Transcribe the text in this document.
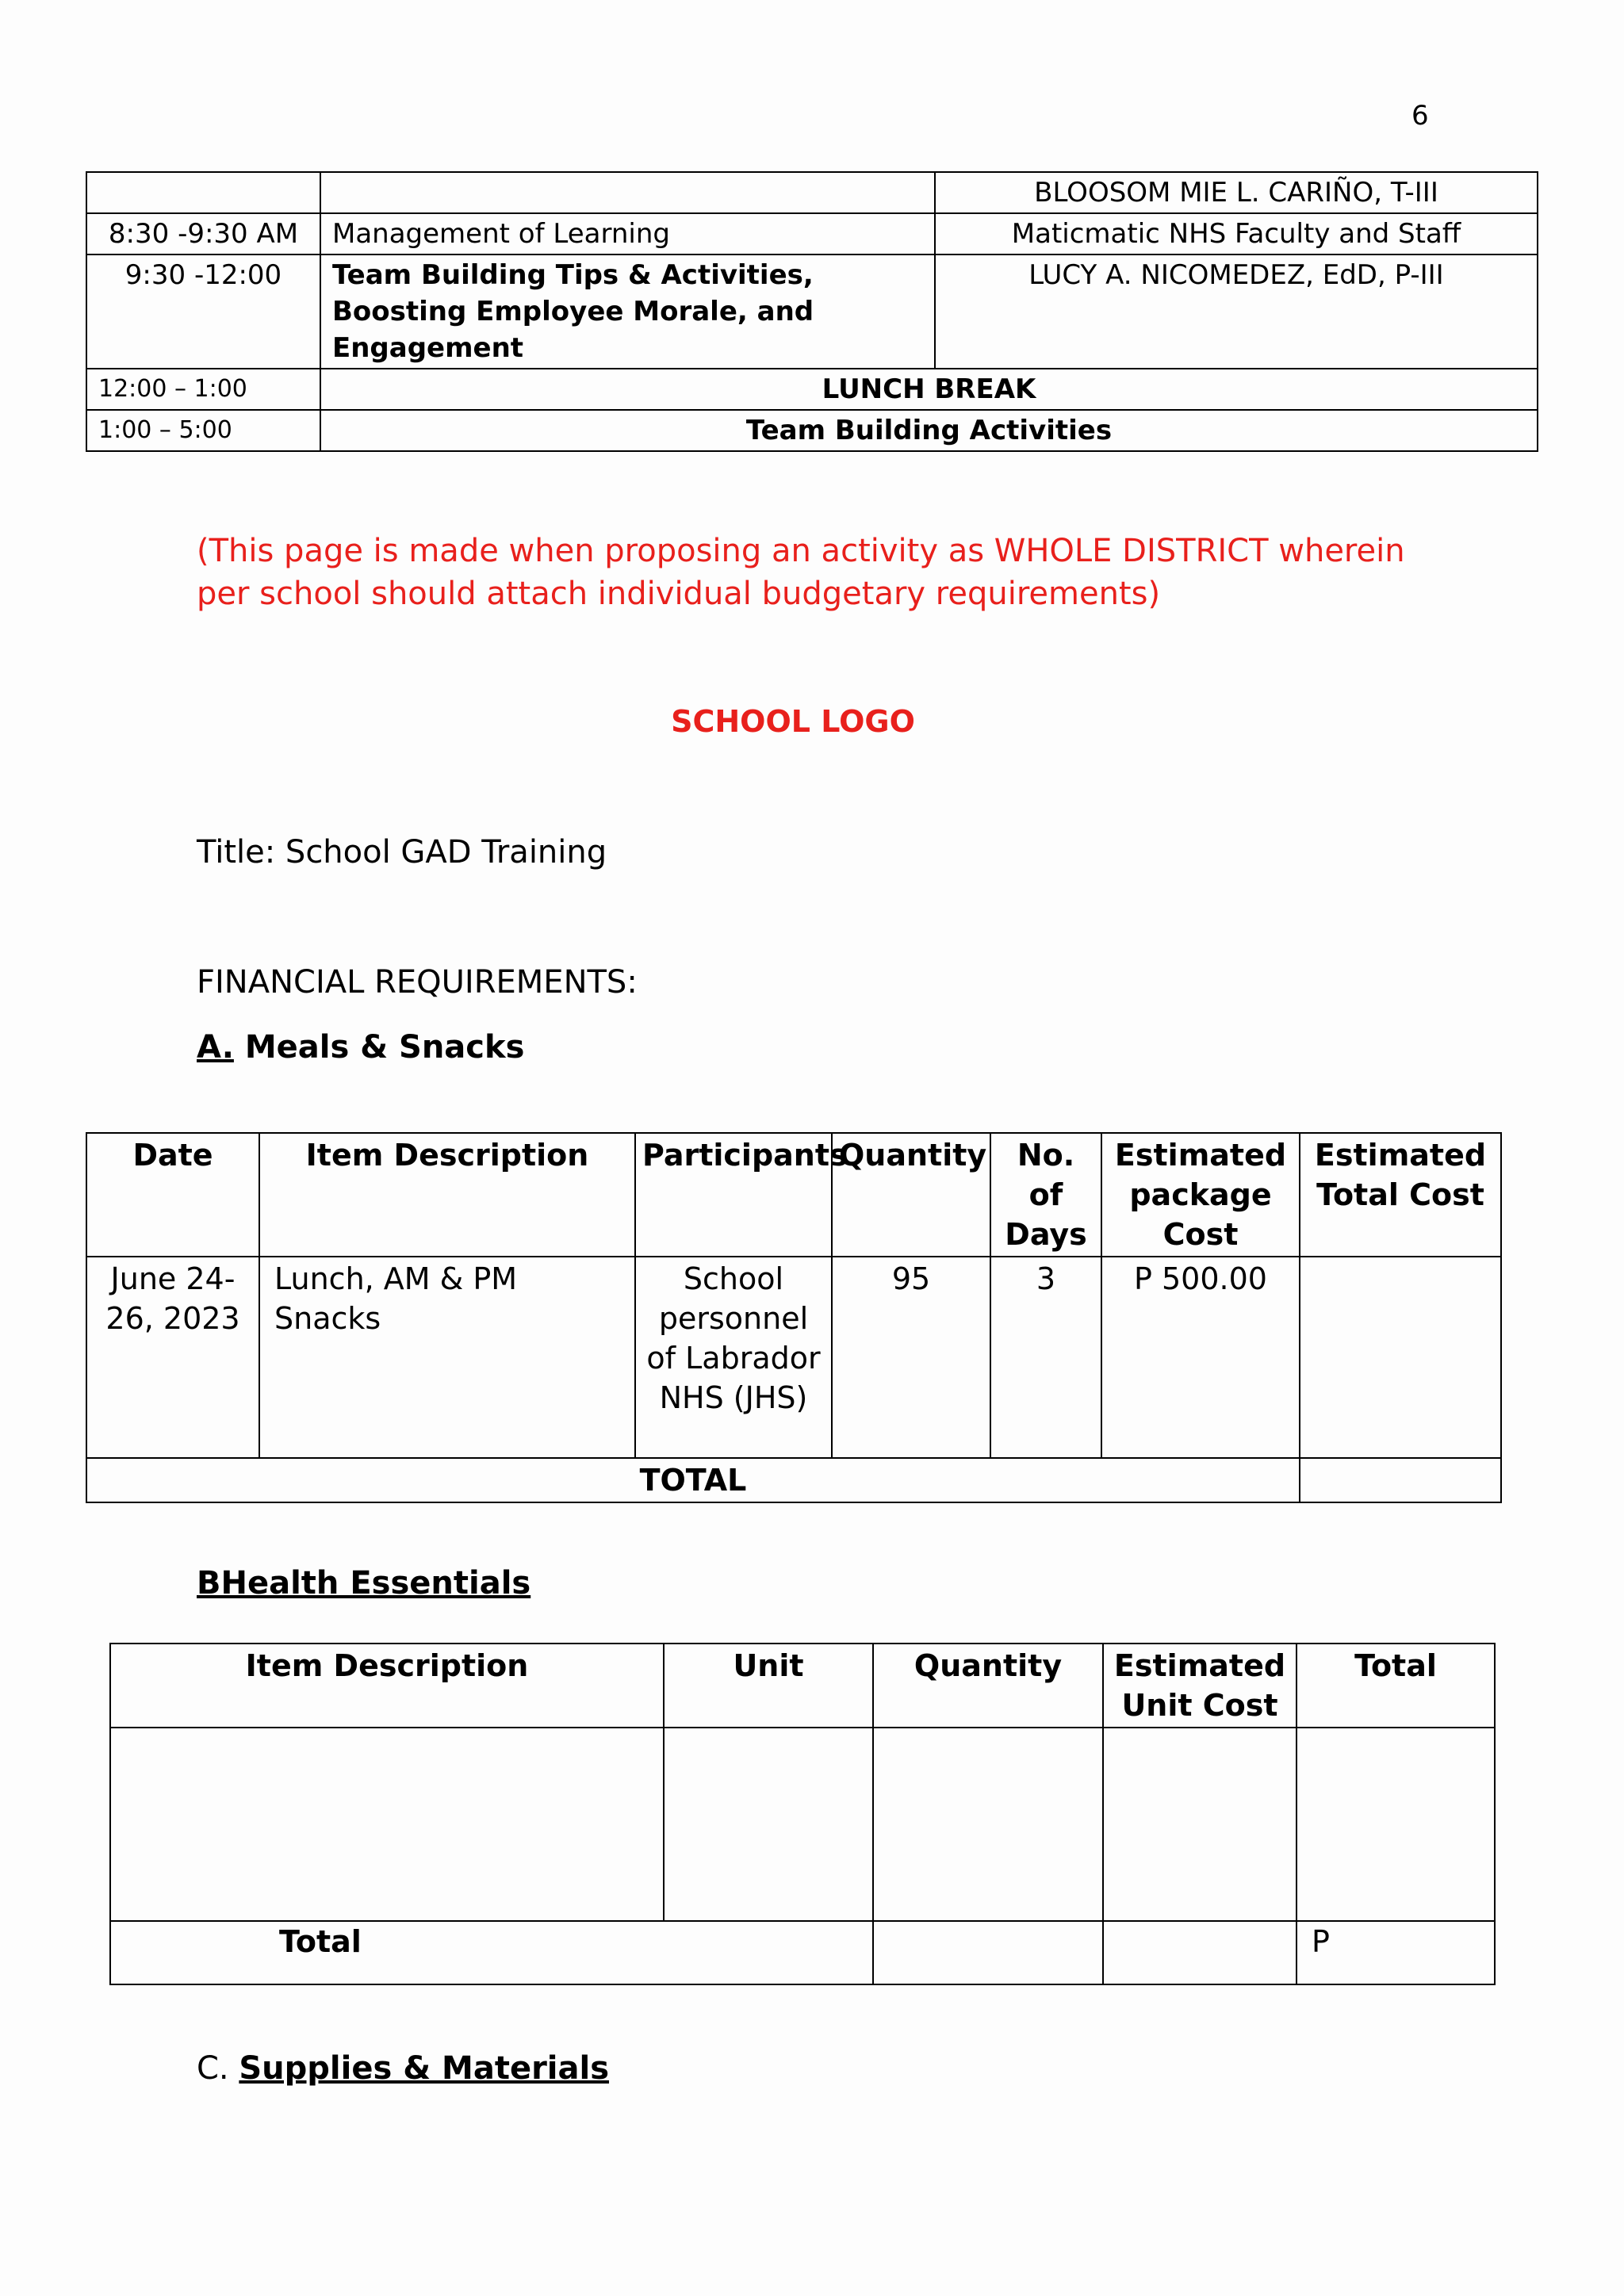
6
		BLOOSOM MIE L. CARIÑO, T-III
8:30 -9:30 AM	Management of Learning	Maticmatic NHS Faculty and Staff
9:30 -12:00	Team Building Tips & Activities, Boosting Employee Morale, and Engagement	LUCY A. NICOMEDEZ, EdD, P-III
12:00 – 1:00	LUNCH BREAK	
1:00 – 5:00	Team Building Activities	
(This page is made when proposing an activity as WHOLE DISTRICT wherein per school should attach individual budgetary requirements)
SCHOOL LOGO
Title: School GAD Training
FINANCIAL REQUIREMENTS:
A. Meals & Snacks
Date	Item Description	Participants	Quantity	No. of Days	Estimated package Cost	Estimated Total Cost
June 24-26, 2023	Lunch, AM & PM Snacks	School personnel of Labrador NHS (JHS)	95	3	P 500.00	
TOTAL						
BHealth Essentials
Item Description	Unit	Quantity	Estimated Unit Cost	Total

Total				P
C. Supplies & Materials
